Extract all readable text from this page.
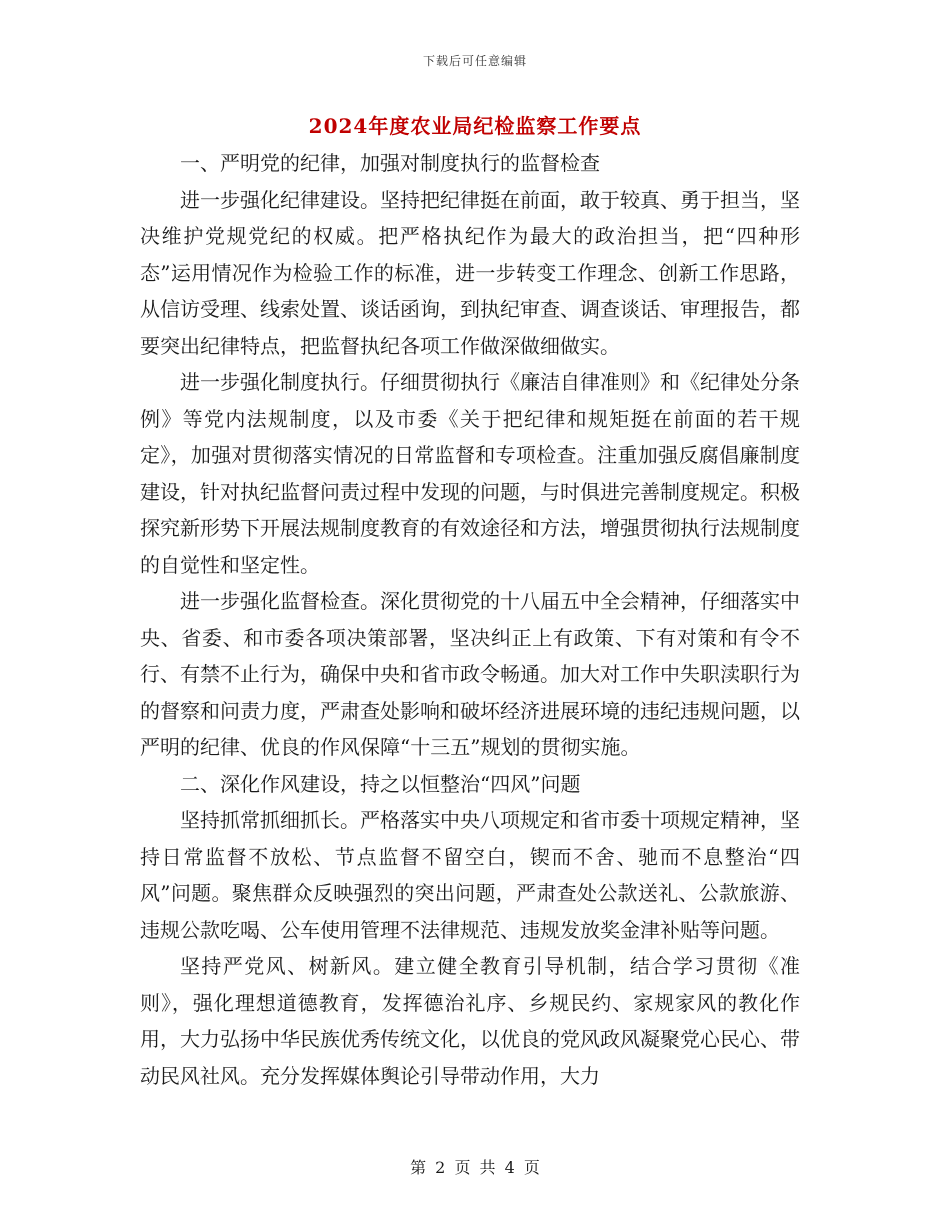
下载后可任意编辑
2024年度农业局纪检监察工作要点

一、严明党的纪律，加强对制度执行的监督检查

进一步强化纪律建设。坚持把纪律挺在前面，敢于较真、勇于担当，坚决维护党规党纪的权威。把严格执纪作为最大的政治担当，把“四种形态”运用情况作为检验工作的标准，进一步转变工作理念、创新工作思路，从信访受理、线索处置、谈话函询，到执纪审查、调查谈话、审理报告，都要突出纪律特点，把监督执纪各项工作做深做细做实。

进一步强化制度执行。仔细贯彻执行《廉洁自律准则》和《纪律处分条例》等党内法规制度，以及市委《关于把纪律和规矩挺在前面的若干规定》，加强对贯彻落实情况的日常监督和专项检查。注重加强反腐倡廉制度建设，针对执纪监督问责过程中发现的问题，与时俱进完善制度规定。积极探究新形势下开展法规制度教育的有效途径和方法，增强贯彻执行法规制度的自觉性和坚定性。

进一步强化监督检查。深化贯彻党的十八届五中全会精神，仔细落实中央、省委、和市委各项决策部署，坚决纠正上有政策、下有对策和有令不行、有禁不止行为，确保中央和省市政令畅通。加大对工作中失职渎职行为的督察和问责力度，严肃查处影响和破坏经济进展环境的违纪违规问题，以严明的纪律、优良的作风保障“十三五”规划的贯彻实施。

二、深化作风建设，持之以恒整治“四风”问题

坚持抓常抓细抓长。严格落实中央八项规定和省市委十项规定精神，坚持日常监督不放松、节点监督不留空白，锲而不舍、驰而不息整治“四风”问题。聚焦群众反映强烈的突出问题，严肃查处公款送礼、公款旅游、违规公款吃喝、公车使用管理不法律规范、违规发放奖金津补贴等问题。

坚持严党风、树新风。建立健全教育引导机制，结合学习贯彻《准则》，强化理想道德教育，发挥德治礼序、乡规民约、家规家风的教化作用，大力弘扬中华民族优秀传统文化，以优良的党风政风凝聚党心民心、带动民风社风。充分发挥媒体舆论引导带动作用，大力

第 2 页 共 4 页
